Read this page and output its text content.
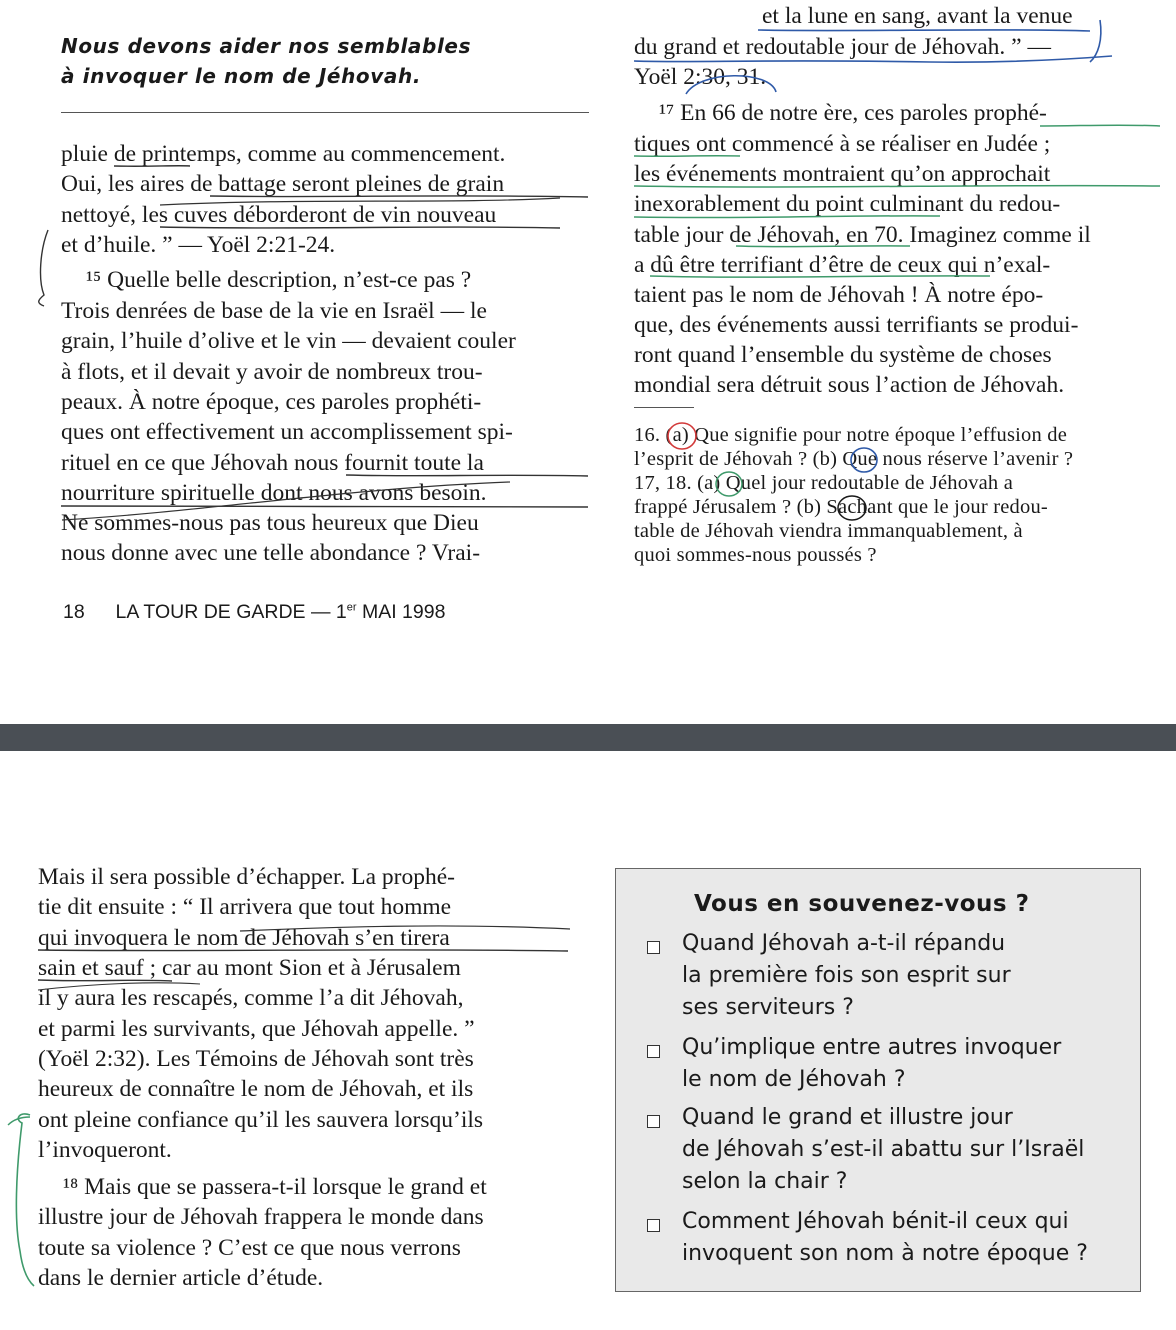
Nous devons aider nos semblables
à invoquer le nom de Jéhovah.
pluie de printemps, comme au commencement.
Oui, les aires de battage seront pleines de grain
nettoyé, les cuves déborderont de vin nouveau
et d’huile. ” — Yoël 2:21-24.
¹⁵ Quelle belle description, n’est-ce pas ?
Trois denrées de base de la vie en Israël — le
grain, l’huile d’olive et le vin — devaient couler
à flots, et il devait y avoir de nombreux trou-
peaux. À notre époque, ces paroles prophéti-
ques ont effectivement un accomplissement spi-
rituel en ce que Jéhovah nous fournit toute la
nourriture spirituelle dont nous avons besoin.
Ne sommes-nous pas tous heureux que Dieu
nous donne avec une telle abondance ? Vrai-
18 LA TOUR DE GARDE — 1er MAI 1998
et la lune en sang, avant la venue
du grand et redoutable jour de Jéhovah. ” —
Yoël 2:30, 31.
¹⁷ En 66 de notre ère, ces paroles prophé-
tiques ont commencé à se réaliser en Judée ;
les événements montraient qu’on approchait
inexorablement du point culminant du redou-
table jour de Jéhovah, en 70. Imaginez comme il
a dû être terrifiant d’être de ceux qui n’exal-
taient pas le nom de Jéhovah ! À notre épo-
que, des événements aussi terrifiants se produi-
ront quand l’ensemble du système de choses
mondial sera détruit sous l’action de Jéhovah.
16. (a) Que signifie pour notre époque l’effusion de
l’esprit de Jéhovah ? (b) Que nous réserve l’avenir ?
17, 18. (a) Quel jour redoutable de Jéhovah a
frappé Jérusalem ? (b) Sachant que le jour redou-
table de Jéhovah viendra immanquablement, à
quoi sommes-nous poussés ?
Mais il sera possible d’échapper. La prophé-
tie dit ensuite : “ Il arrivera que tout homme
qui invoquera le nom de Jéhovah s’en tirera
sain et sauf ; car au mont Sion et à Jérusalem
il y aura les rescapés, comme l’a dit Jéhovah,
et parmi les survivants, que Jéhovah appelle. ”
(Yoël 2:32). Les Témoins de Jéhovah sont très
heureux de connaître le nom de Jéhovah, et ils
ont pleine confiance qu’il les sauvera lorsqu’ils
l’invoqueront.
¹⁸ Mais que se passera-t-il lorsque le grand et
illustre jour de Jéhovah frappera le monde dans
toute sa violence ? C’est ce que nous verrons
dans le dernier article d’étude.
Vous en souvenez-vous ?
Quand Jéhovah a-t-il répandu
la première fois son esprit sur
ses serviteurs ?
Qu’implique entre autres invoquer
le nom de Jéhovah ?
Quand le grand et illustre jour
de Jéhovah s’est-il abattu sur l’Israël
selon la chair ?
Comment Jéhovah bénit-il ceux qui
invoquent son nom à notre époque ?
